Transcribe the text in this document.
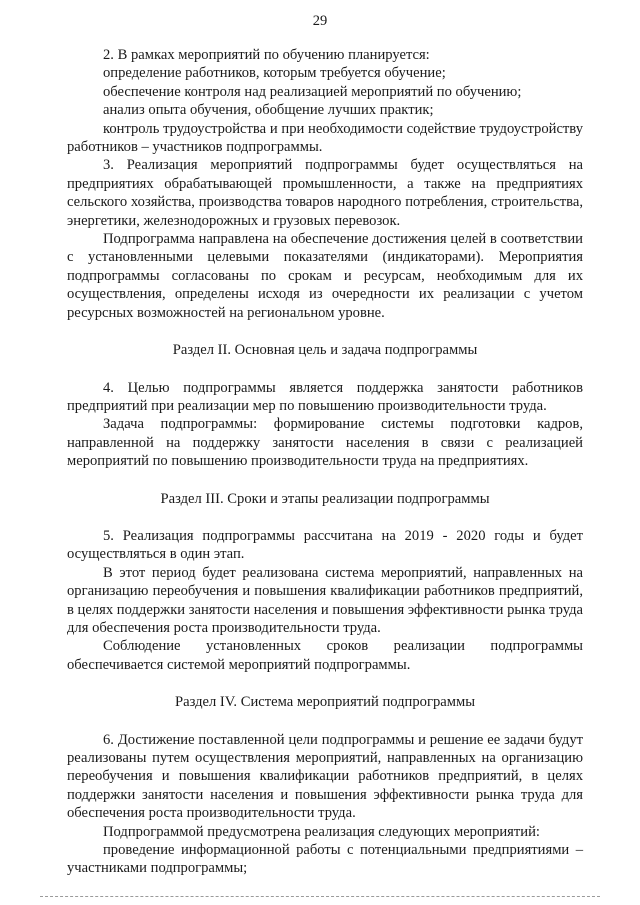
29

2. В рамках мероприятий по обучению планируется:

определение работников, которым требуется обучение;

обеспечение контроля над реализацией мероприятий по обучению;

анализ опыта обучения, обобщение лучших практик;

контроль трудоустройства и при необходимости содействие трудоустройству работников – участников подпрограммы.

3. Реализация мероприятий подпрограммы будет осуществляться на предприятиях обрабатывающей промышленности, а также на предприятиях сельского хозяйства, производства товаров народного потребления, строительства, энергетики, железнодорожных и грузовых перевозок.

Подпрограмма направлена на обеспечение достижения целей в соответствии с установленными целевыми показателями (индикаторами). Мероприятия подпрограммы согласованы по срокам и ресурсам, необходимым для их осуществления, определены исходя из очередности их реализации с учетом ресурсных возможностей на региональном уровне.

Раздел II. Основная цель и задача подпрограммы

4. Целью подпрограммы является поддержка занятости работников предприятий при реализации мер по повышению производительности труда.

Задача подпрограммы: формирование системы подготовки кадров, направленной на поддержку занятости населения в связи с реализацией мероприятий по повышению производительности труда на предприятиях.

Раздел III. Сроки и этапы реализации подпрограммы

5. Реализация подпрограммы рассчитана на 2019 - 2020 годы и будет осуществляться в один этап.

В этот период будет реализована система мероприятий, направленных на организацию переобучения и повышения квалификации работников предприятий, в целях поддержки занятости населения и повышения эффективности рынка труда для обеспечения роста производительности труда.

Соблюдение установленных сроков реализации подпрограммы обеспечивается системой мероприятий подпрограммы.

Раздел IV. Система мероприятий подпрограммы

6. Достижение поставленной цели подпрограммы и решение ее задачи будут реализованы путем осуществления мероприятий, направленных на организацию переобучения и повышения квалификации работников предприятий, в целях поддержки занятости населения и повышения эффективности рынка труда для обеспечения роста производительности труда.

Подпрограммой предусмотрена реализация следующих мероприятий:

проведение информационной работы с потенциальными предприятиями – участниками подпрограммы;
